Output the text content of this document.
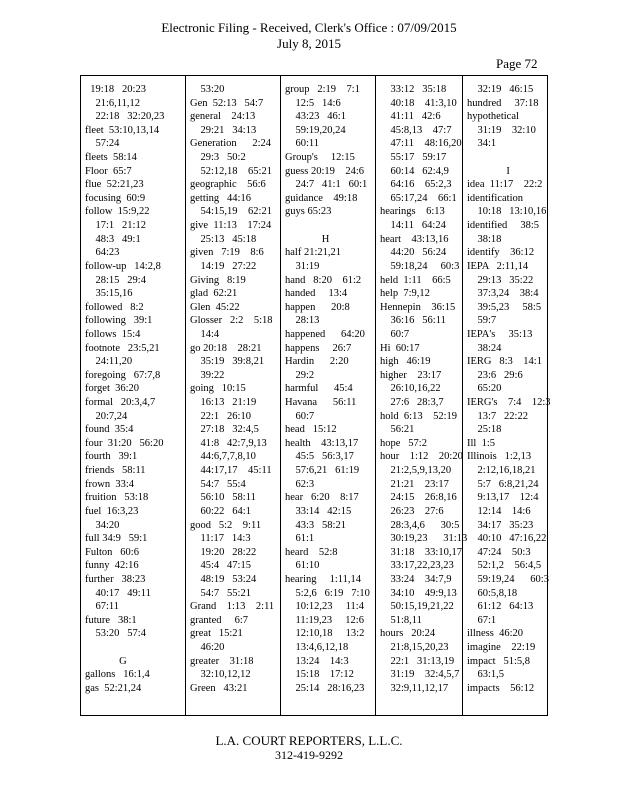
Electronic Filing - Received, Clerk's Office : 07/09/2015
July 8, 2015
Page 72
19:18   20:23
21:6,11,12
22:18   32:20,23
fleet  53:10,13,14
57:24
fleets  58:14
Floor  65:7
flue  52:21,23
focusing  60:9
follow  15:9,22
17:1   21:12
48:3   49:1
64:23
follow-up   14:2,8
28:15   29:4
35:15,16
followed   8:2
following   39:1
follows  15:4
footnote   23:5,21
24:11,20
foregoing   67:7,8
forget  36:20
formal   20:3,4,7
20:7,24
found  35:4
four  31:20   56:20
fourth   39:1
friends   58:11
frown  33:4
fruition   53:18
fuel  16:3,23
34:20
full 34:9   59:1
Fulton   60:6
funny  42:16
further   38:23
40:17   49:11
67:11
future   38:1
53:20   57:4
G
gallons   16:1,4
gas  52:21,24
53:20
Gen  52:13   54:7
general    24:13
29:21   34:13
Generation      2:24
29:3   50:2
52:12,18    65:21
geographic    56:6
getting   44:16
54:15,19    62:21
give  11:13    17:24
25:13   45:18
given   7:19    8:6
14:19   27:22
Giving   8:19
glad  62:21
Glen  45:22
Glosser   2:2    5:18
14:4
go 20:18    28:21
35:19   39:8,21
39:22
going   10:15
16:13   21:19
22:1   26:10
27:18   32:4,5
41:8   42:7,9,13
44:6,7,7,8,10
44:17,17    45:11
54:7   55:4
56:10   58:11
60:22   64:1
good   5:2    9:11
11:17   14:3
19:20   28:22
45:4   47:15
48:19   53:24
54:7   55:21
Grand    1:13    2:11
granted     6:7
great   15:21
46:20
greater    31:18
32:10,12,12
Green   43:21
group   2:19    7:1
12:5   14:6
43:23   46:1
59:19,20,24
60:11
Group's     12:15
guess 20:19    24:6
24:7   41:1   60:1
guidance    49:18
guys 65:23
H
half 21:21,21
31:19
hand   8:20    61:2
handed     13:4
happen      20:8
28:13
happened      64:20
happens     26:7
Hardin      2:20
29:2
harmful      45:4
Havana      56:11
60:7
head   15:12
health    43:13,17
45:5   56:3,17
57:6,21   61:19
62:3
hear   6:20    8:17
33:14   42:15
43:3   58:21
61:1
heard    52:8
61:10
hearing     1:11,14
5:2,6   6:19   7:10
10:12,23     11:4
11:19,23     12:6
12:10,18     13:2
13:4,6,12,18
13:24    14:3
15:18    17:12
25:14   28:16,23
33:12   35:18
40:18    41:3,10
41:11   42:6
45:8,13    47:7
47:11    48:16,20
55:17   59:17
60:14   62:4,9
64:16    65:2,3
65:17,24    66:1
hearings    6:13
14:11   64:24
heart    43:13,16
44:20   56:24
59:18,24     60:3
held  1:11    66:5
help  7:9,12
Hennepin    36:15
36:16   56:11
60:7
Hi  60:17
high   46:19
higher    23:17
26:10,16,22
27:6   28:3,7
hold  6:13    52:19
56:21
hope   57:2
hour    1:12    20:20
21:2,5,9,13,20
21:21    23:17
24:15    26:8,16
26:23    27:6
28:3,4,6      30:5
30:19,23      31:13
31:18    33:10,17
33:17,22,23,23
33:24    34:7,9
34:10    49:9,13
50:15,19,21,22
51:8,11
hours   20:24
21:8,15,20,23
22:1   31:13,19
31:19    32:4,5,7
32:9,11,12,17
32:19   46:15
hundred     37:18
hypothetical
31:19    32:10
34:1
I
idea  11:17    22:2
identification
10:18   13:10,16
identified     38:5
38:18
identify    36:12
IEPA   2:11,14
29:13   35:22
37:3,24    38:4
39:5,23     58:5
59:7
IEPA's     35:13
38:24
IERG   8:3    14:1
23:6   29:6
65:20
IERG's    7:4    12:3
13:7   22:22
25:18
Ill  1:5
Illinois   1:2,13
2:12,16,18,21
5:7   6:8,21,24
9:13,17    12:4
12:14    14:6
34:17   35:23
40:10   47:16,22
47:24    50:3
52:1,2    56:4,5
59:19,24      60:3
60:5,8,18
61:12   64:13
67:1
illness  46:20
imagine    22:19
impact   51:5,8
63:1,5
impacts    56:12
L.A. COURT REPORTERS, L.L.C.
312-419-9292
